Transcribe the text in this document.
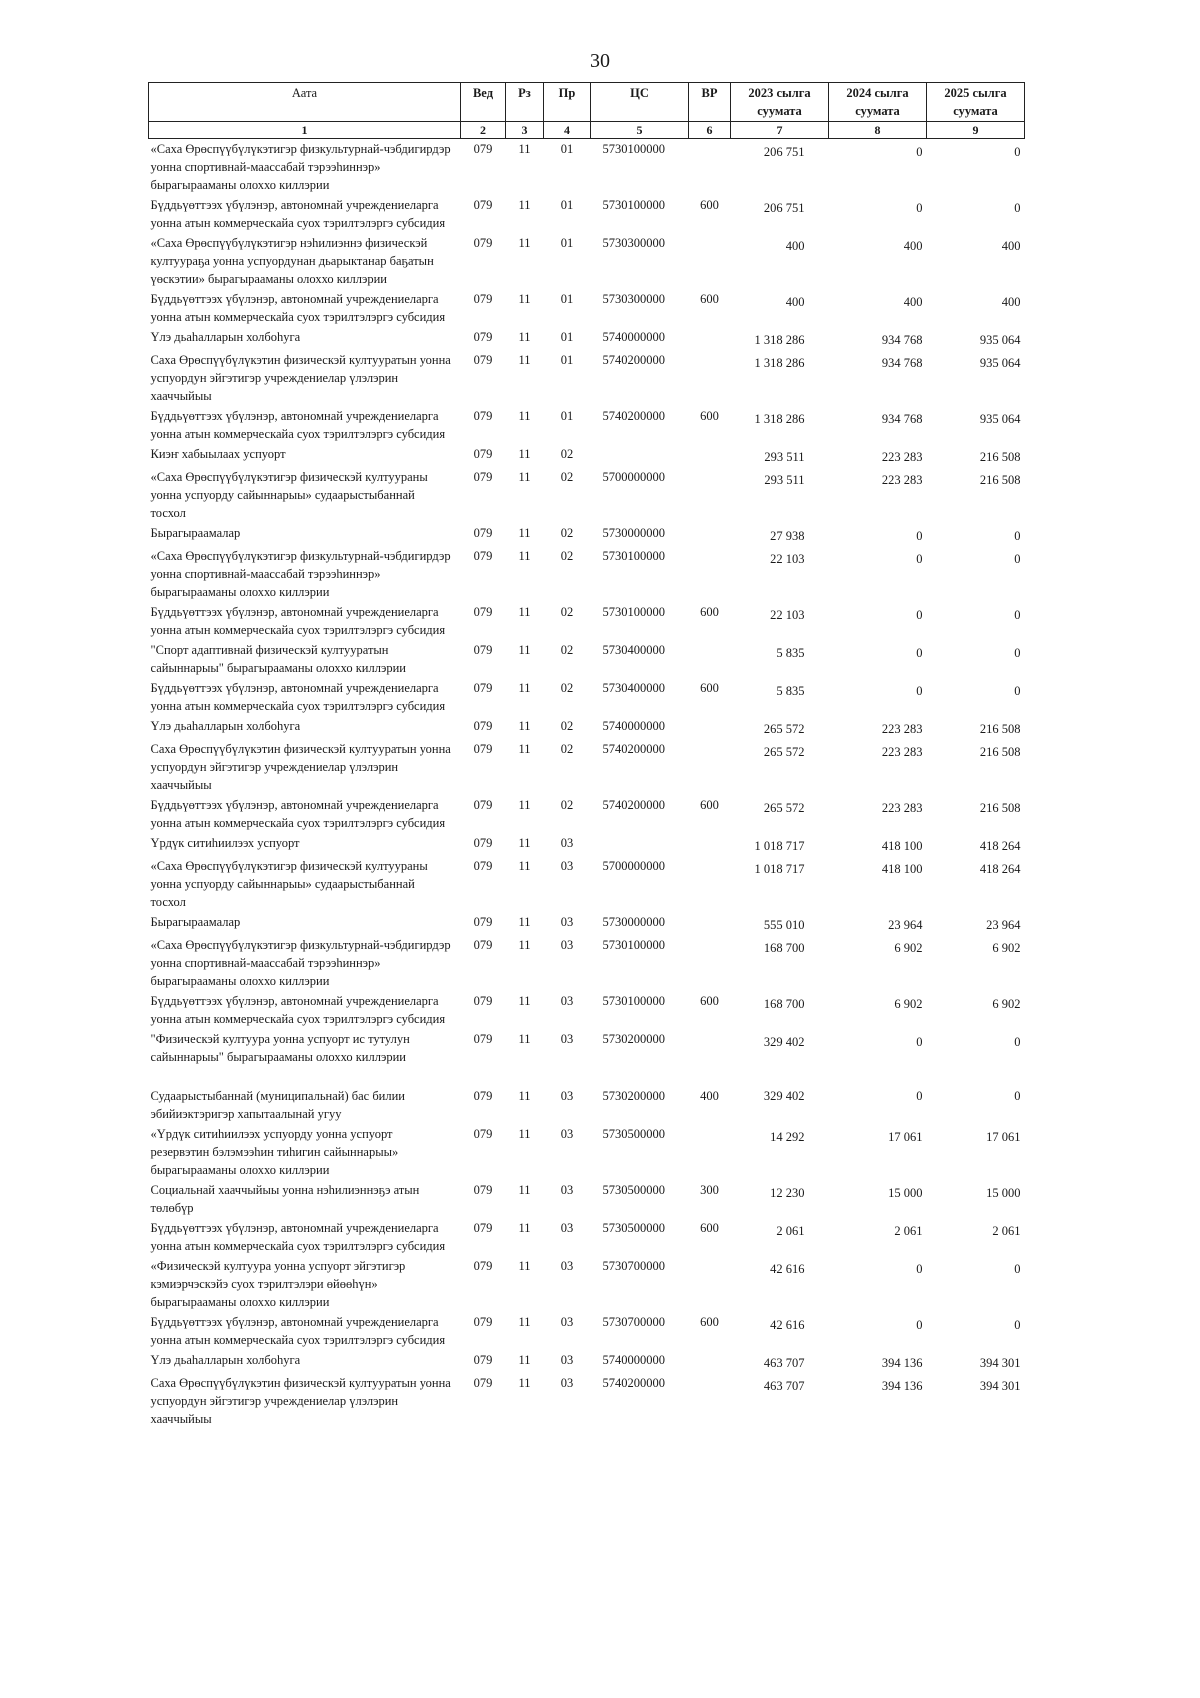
30
Аата	Вед	Рз	Пр	ЦС	ВР	2023 сылга суумата	2024 сылга суумата	2025 сылга суумата
1	2	3	4	5	6	7	8	9
«Саха Өрөспүүбүлүкэтигэр физкультурнай-чэбдигирдэр уонна спортивнай-маассабай тэрээһиннэр» бырагырааманы олоххо киллэрии	079	11	01	5730100000		206 751	0	0
Бүддьүөттээх үбүлэнэр, автономнай учреждениеларга уонна атын коммерческайа суох тэрилтэлэргэ субсидия	079	11	01	5730100000	600	206 751	0	0
«Саха Өрөспүүбүлүкэтигэр нэһилиэннэ физическэй култуураҕа уонна успуордунан дьарыктанар баҕатын үөскэтии» бырагырааманы олоххо киллэрии	079	11	01	5730300000		400	400	400
Бүддьүөттээх үбүлэнэр, автономнай учреждениеларга уонна атын коммерческайа суох тэрилтэлэргэ субсидия	079	11	01	5730300000	600	400	400	400
Үлэ дьаһалларын холбоһуга	079	11	01	5740000000		1 318 286	934 768	935 064
Саха Өрөспүүбүлүкэтин физическэй култууратын уонна успуордун эйгэтигэр учреждениелар үлэлэрин хааччыйыы	079	11	01	5740200000		1 318 286	934 768	935 064
Бүддьүөттээх үбүлэнэр, автономнай учреждениеларга уонна атын коммерческайа суох тэрилтэлэргэ субсидия	079	11	01	5740200000	600	1 318 286	934 768	935 064
Киэҥ хабыылаах успуорт	079	11	02			293 511	223 283	216 508
«Саха Өрөспүүбүлүкэтигэр физическэй култуураны уонна успуорду сайыннарыы» судаарыстыбаннай тосхол	079	11	02	5700000000		293 511	223 283	216 508
Бырагыраамалар	079	11	02	5730000000		27 938	0	0
«Саха Өрөспүүбүлүкэтигэр физкультурнай-чэбдигирдэр уонна спортивнай-маассабай тэрээһиннэр» бырагырааманы олоххо киллэрии	079	11	02	5730100000		22 103	0	0
Бүддьүөттээх үбүлэнэр, автономнай учреждениеларга уонна атын коммерческайа суох тэрилтэлэргэ субсидия	079	11	02	5730100000	600	22 103	0	0
"Спорт адаптивнай физическэй култууратын сайыннарыы" бырагырааманы олоххо киллэрии	079	11	02	5730400000		5 835	0	0
Бүддьүөттээх үбүлэнэр, автономнай учреждениеларга уонна атын коммерческайа суох тэрилтэлэргэ субсидия	079	11	02	5730400000	600	5 835	0	0
Үлэ дьаһалларын холбоһуга	079	11	02	5740000000		265 572	223 283	216 508
Саха Өрөспүүбүлүкэтин физическэй култууратын уонна успуордун эйгэтигэр учреждениелар үлэлэрин хааччыйыы	079	11	02	5740200000		265 572	223 283	216 508
Бүддьүөттээх үбүлэнэр, автономнай учреждениеларга уонна атын коммерческайа суох тэрилтэлэргэ субсидия	079	11	02	5740200000	600	265 572	223 283	216 508
Үрдүк ситиһиилээх успуорт	079	11	03			1 018 717	418 100	418 264
«Саха Өрөспүүбүлүкэтигэр физическэй култуураны уонна успуорду сайыннарыы» судаарыстыбаннай тосхол	079	11	03	5700000000		1 018 717	418 100	418 264
Бырагыраамалар	079	11	03	5730000000		555 010	23 964	23 964
«Саха Өрөспүүбүлүкэтигэр физкультурнай-чэбдигирдэр уонна спортивнай-маассабай тэрээһиннэр» бырагырааманы олоххо киллэрии	079	11	03	5730100000		168 700	6 902	6 902
Бүддьүөттээх үбүлэнэр, автономнай учреждениеларга уонна атын коммерческайа суох тэрилтэлэргэ субсидия	079	11	03	5730100000	600	168 700	6 902	6 902
"Физическэй култуура уонна успуорт ис тутулун сайыннарыы" бырагырааманы олоххо киллэрии	079	11	03	5730200000		329 402	0	0
Судаарыстыбаннай (муниципальнай) бас билии эбийиэктэригэр хапытаалынай угуу	079	11	03	5730200000	400	329 402	0	0
«Үрдүк ситиһиилээх успуорду уонна успуорт резервэтин бэлэмээһин тиһигин сайыннарыы» бырагырааманы олоххо киллэрии	079	11	03	5730500000		14 292	17 061	17 061
Социальнай хааччыйыы уонна нэһилиэннэҕэ атын төлөбүр	079	11	03	5730500000	300	12 230	15 000	15 000
Бүддьүөттээх үбүлэнэр, автономнай учреждениеларга уонна атын коммерческайа суох тэрилтэлэргэ субсидия	079	11	03	5730500000	600	2 061	2 061	2 061
«Физическэй култуура уонна успуорт эйгэтигэр кэмиэрчэскэйэ суох тэрилтэлэри өйөөһүн» бырагырааманы олоххо киллэрии	079	11	03	5730700000		42 616	0	0
Бүддьүөттээх үбүлэнэр, автономнай учреждениеларга уонна атын коммерческайа суох тэрилтэлэргэ субсидия	079	11	03	5730700000	600	42 616	0	0
Үлэ дьаһалларын холбоһуга	079	11	03	5740000000		463 707	394 136	394 301
Саха Өрөспүүбүлүкэтин физическэй култууратын уонна успуордун эйгэтигэр учреждениелар үлэлэрин хааччыйыы	079	11	03	5740200000		463 707	394 136	394 301
